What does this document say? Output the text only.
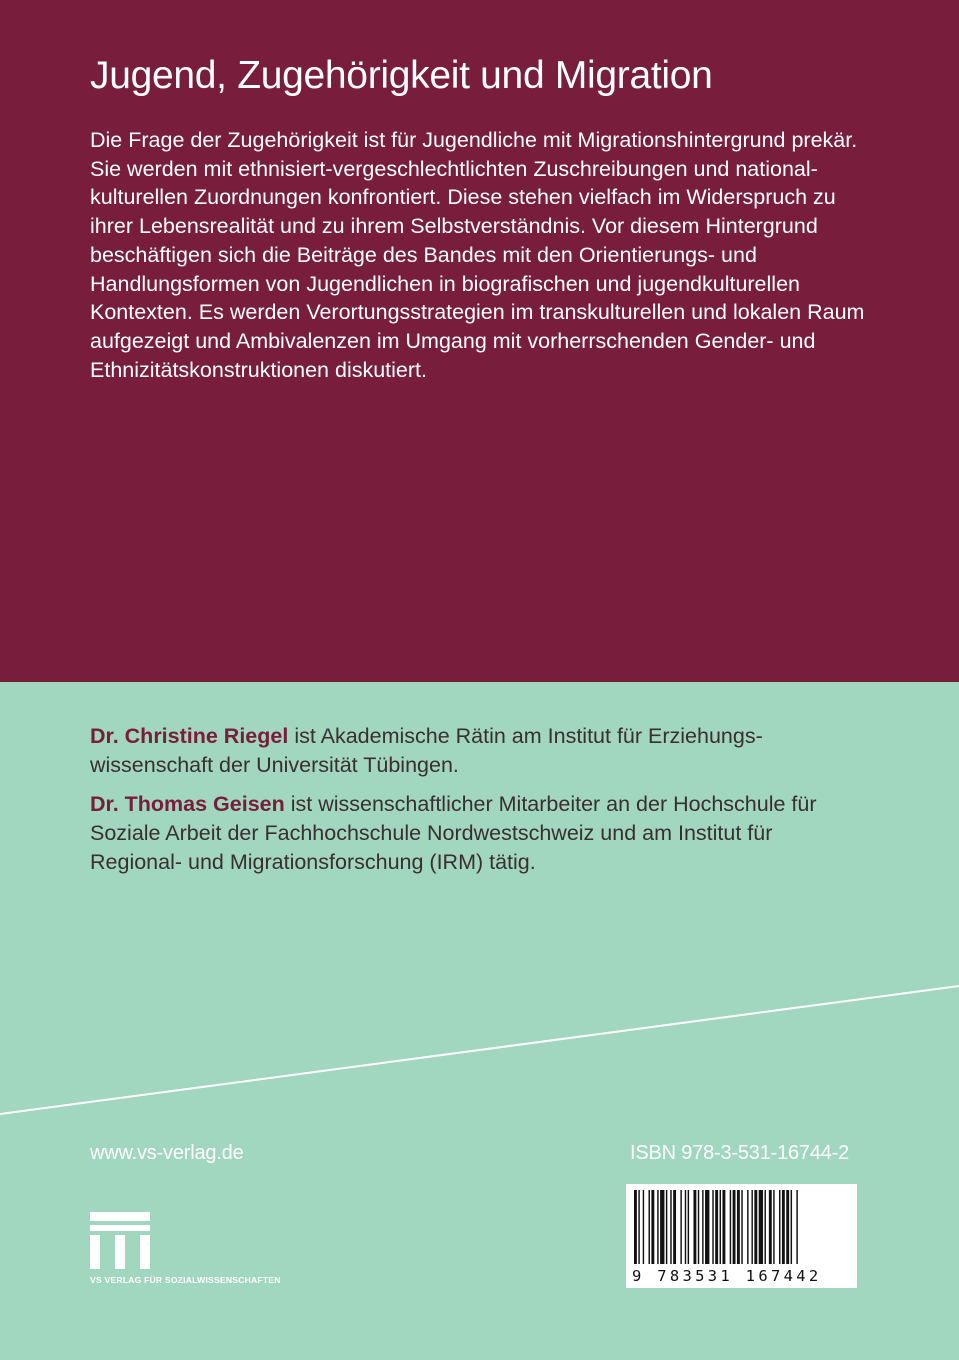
Jugend, Zugehörigkeit und Migration

Die Frage der Zugehörigkeit ist für Jugendliche mit Migrationshintergrund prekär. Sie werden mit ethnisiert-vergeschlechtlichten Zuschreibungen und national-kulturellen Zuordnungen konfrontiert. Diese stehen vielfach im Widerspruch zu ihrer Lebensrealität und zu ihrem Selbstverständnis. Vor diesem Hintergrund beschäftigen sich die Beiträge des Bandes mit den Orientierungs- und Handlungsformen von Jugendlichen in biografischen und jugendkulturellen Kontexten. Es werden Verortungsstrategien im transkulturellen und lokalen Raum aufgezeigt und Ambivalenzen im Umgang mit vorherrschenden Gender- und Ethnizitätskonstruktionen diskutiert.

Dr. Christine Riegel ist Akademische Rätin am Institut für Erziehungswissenschaft der Universität Tübingen.

Dr. Thomas Geisen ist wissenschaftlicher Mitarbeiter an der Hochschule für Soziale Arbeit der Fachhochschule Nordwestschweiz und am Institut für Regional- und Migrationsforschung (IRM) tätig.

www.vs-verlag.de	ISBN 978-3-531-16744-2

VS VERLAG FÜR SOZIALWISSENSCHAFTEN	9 783531 167442
